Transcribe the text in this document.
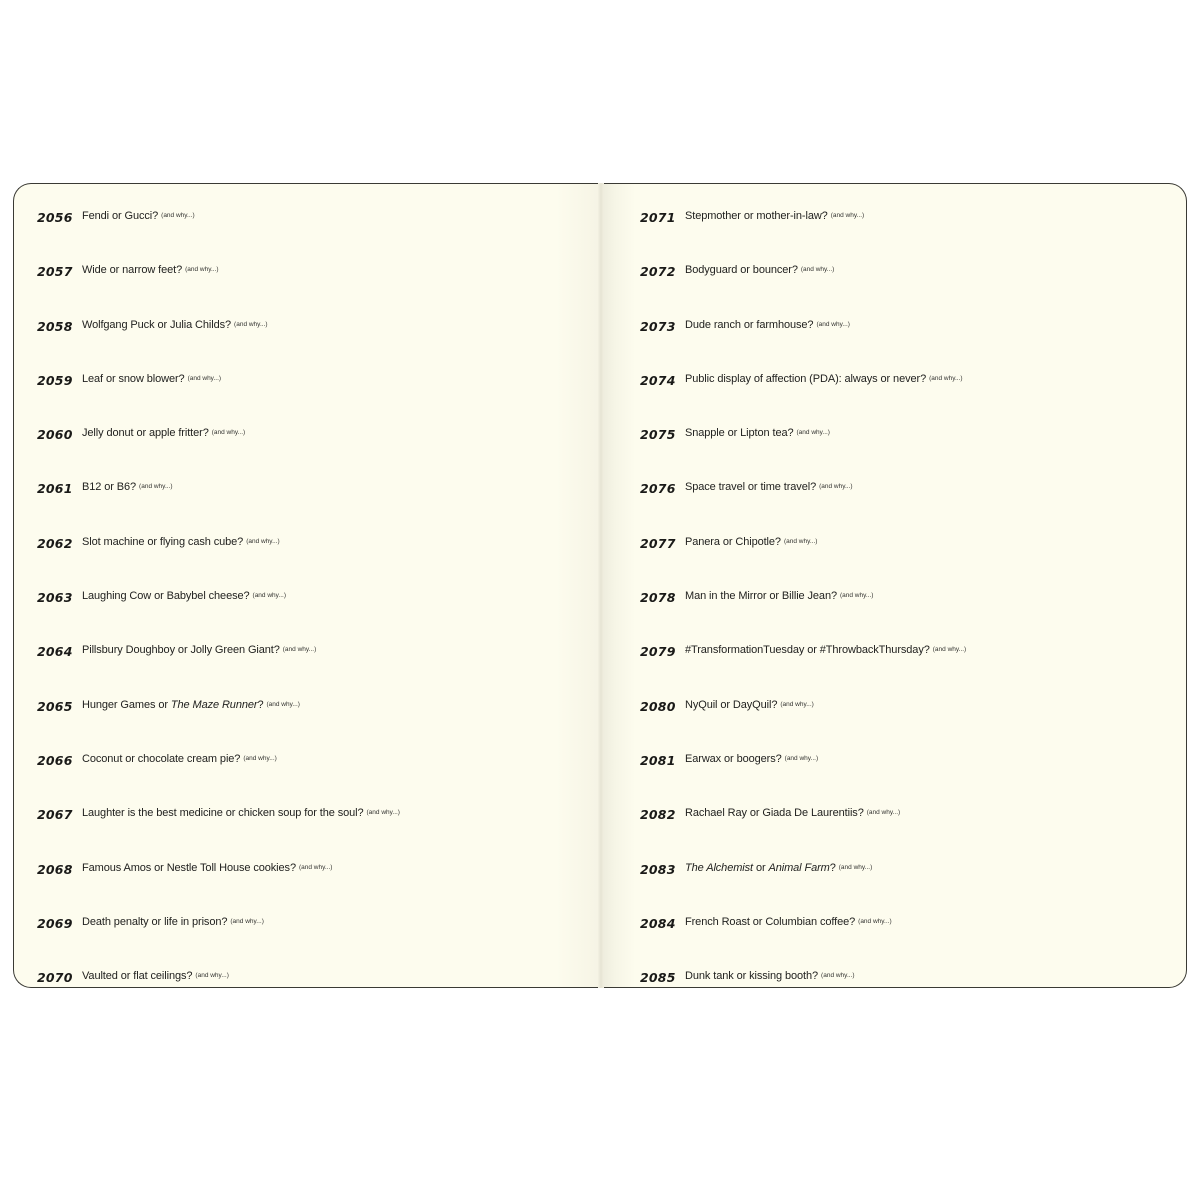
2056 Fendi or Gucci? (and why...)
2057 Wide or narrow feet? (and why...)
2058 Wolfgang Puck or Julia Childs? (and why...)
2059 Leaf or snow blower? (and why...)
2060 Jelly donut or apple fritter? (and why...)
2061 B12 or B6? (and why...)
2062 Slot machine or flying cash cube? (and why...)
2063 Laughing Cow or Babybel cheese? (and why...)
2064 Pillsbury Doughboy or Jolly Green Giant? (and why...)
2065 Hunger Games or The Maze Runner? (and why...)
2066 Coconut or chocolate cream pie? (and why...)
2067 Laughter is the best medicine or chicken soup for the soul? (and why...)
2068 Famous Amos or Nestle Toll House cookies? (and why...)
2069 Death penalty or life in prison? (and why...)
2070 Vaulted or flat ceilings? (and why...)
2071 Stepmother or mother-in-law? (and why...)
2072 Bodyguard or bouncer? (and why...)
2073 Dude ranch or farmhouse? (and why...)
2074 Public display of affection (PDA): always or never? (and why...)
2075 Snapple or Lipton tea? (and why...)
2076 Space travel or time travel? (and why...)
2077 Panera or Chipotle? (and why...)
2078 Man in the Mirror or Billie Jean? (and why...)
2079 #TransformationTuesday or #ThrowbackThursday? (and why...)
2080 NyQuil or DayQuil? (and why...)
2081 Earwax or boogers? (and why...)
2082 Rachael Ray or Giada De Laurentiis? (and why...)
2083 The Alchemist or Animal Farm? (and why...)
2084 French Roast or Columbian coffee? (and why...)
2085 Dunk tank or kissing booth? (and why...)
